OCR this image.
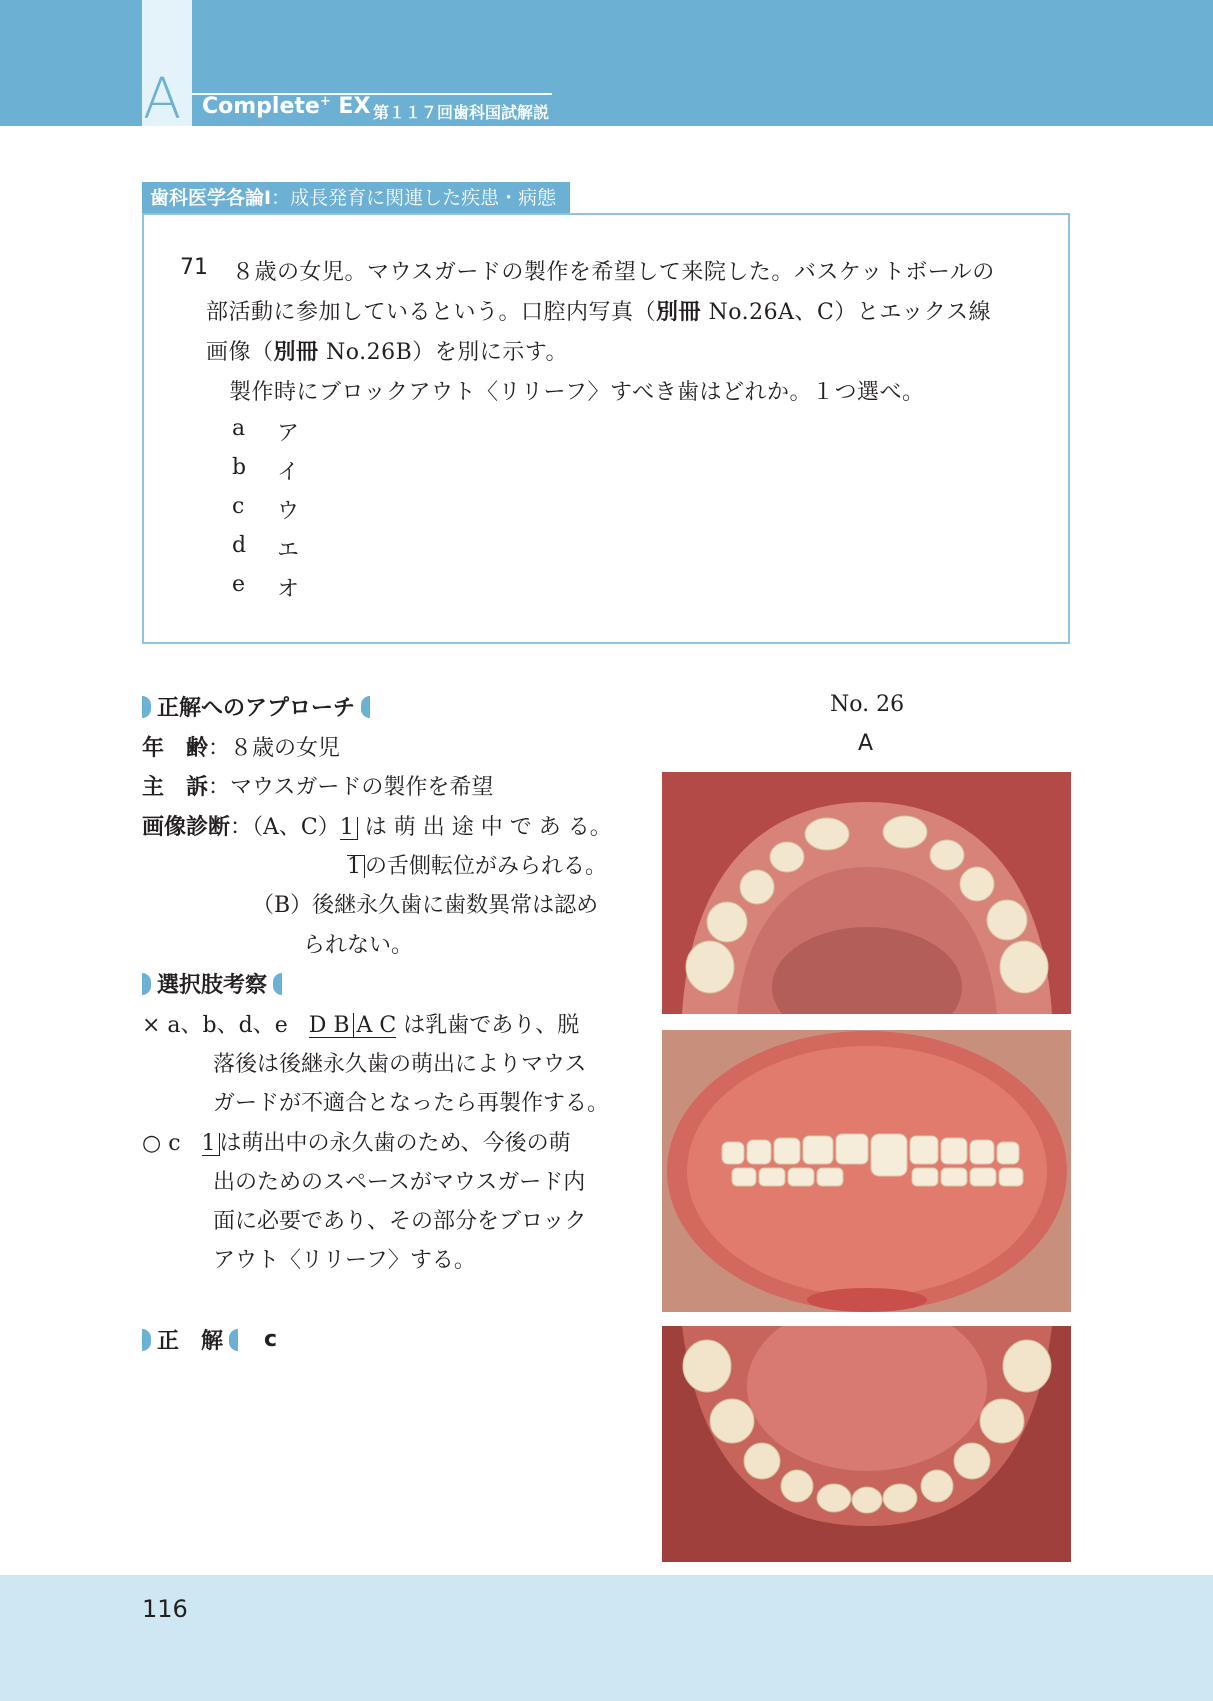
A Complete+ EX 第１１７回歯科国試解説
歯科医学各論Ⅰ：成長発育に関連した疾患・病態
71 ８歳の女児。マウスガードの製作を希望して来院した。バスケットボールの
部活動に参加しているという。口腔内写真（別冊 No.26A、C）とエックス線
画像（別冊 No.26B）を別に示す。
製作時にブロックアウト〈リリーフ〉すべき歯はどれか。１つ選べ。
a ア
b イ
c ウ
d エ
e オ
正解へのアプローチ
年　齢：８歳の女児
主　訴：マウスガードの製作を希望
画像診断：（A、C）1 は 萌 出 途 中 で あ る。
1 の舌側転位がみられる。
（B）後継永久歯に歯数異常は認め
られない。
選択肢考察
× a、b、d、e D B A C は乳歯であり、脱
落後は後継永久歯の萌出によりマウス
ガードが不適合となったら再製作する。
○ c 1 は萌出中の永久歯のため、今後の萌
出のためのスペースがマウスガード内
面に必要であり、その部分をブロック
アウト〈リリーフ〉する。
正　解 c
No. 26
A
116
